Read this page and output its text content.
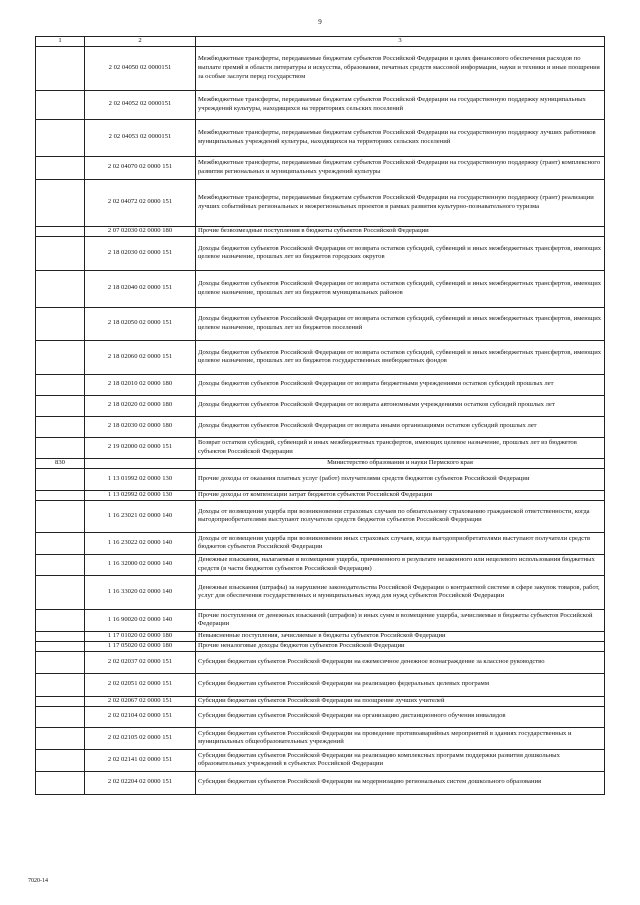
9
1	2	3
	2 02 04050 02 0000151	Межбюджетные трансферты, передаваемые бюджетам субъектов Российской Федерации в целях финансового обеспечения расходов по выплате премий в области литературы и искусства, образования, печатных средств массовой информации, науки и техники и иные поощрения за особые заслуги перед государством
	2 02 04052 02 0000151	Межбюджетные трансферты, передаваемые бюджетам субъектов Российской Федерации на государственную поддержку муниципальных учреждений культуры, находящихся на территориях сельских поселений
	2 02 04053 02 0000151	Межбюджетные трансферты, передаваемые бюджетам субъектов Российской Федерации на государственную поддержку лучших работников муниципальных учреждений культуры, находящихся на территориях сельских поселений
	2 02 04070 02 0000 151	Межбюджетные трансферты, передаваемые бюджетам субъектов Российской Федерации на государственную поддержку (грант) комплексного развития региональных и муниципальных учреждений культуры
	2 02 04072 02 0000 151	Межбюджетные трансферты, передаваемые бюджетам субъектов Российской Федерации на государственную поддержку (грант) реализации лучших событийных региональных и межрегиональных проектов в рамках развития культурно-познавательного туризма
	2 07 02030 02 0000 180	Прочие безвозмездные поступления в бюджеты субъектов Российской Федерации
	2 18 02030 02 0000 151	Доходы бюджетов субъектов Российской Федерации от возврата остатков субсидий, субвенций и иных межбюджетных трансфертов, имеющих целевое назначение, прошлых лет из бюджетов городских округов
	2 18 02040 02 0000 151	Доходы бюджетов субъектов Российской Федерации от возврата остатков субсидий, субвенций и иных межбюджетных трансфертов, имеющих целевое назначение, прошлых лет из бюджетов муниципальных районов
	2 18 02050 02 0000 151	Доходы бюджетов субъектов Российской Федерации от возврата остатков субсидий, субвенций и иных межбюджетных трансфертов, имеющих целевое назначение, прошлых лет из бюджетов поселений
	2 18 02060 02 0000 151	Доходы бюджетов субъектов Российской Федерации от возврата остатков субсидий, субвенций и иных межбюджетных трансфертов, имеющих целевое назначение, прошлых лет из бюджетов государственных внебюджетных фондов
	2 18 02010 02 0000 180	Доходы бюджетов субъектов Российской Федерации от возврата бюджетными учреждениями остатков субсидий прошлых лет
	2 18 02020 02 0000 180	Доходы бюджетов субъектов Российской Федерации от возврата автономными учреждениями остатков субсидий прошлых лет
	2 18 02030 02 0000 180	Доходы бюджетов субъектов Российской Федерации от возврата иными организациями остатков субсидий прошлых лет
	2 19 02000 02 0000 151	Возврат остатков субсидий, субвенций и иных межбюджетных трансфертов, имеющих целевое назначение, прошлых лет из бюджетов субъектов Российской Федерации
830		Министерство образования и науки Пермского края
	1 13 01992 02 0000 130	Прочие доходы от оказания платных услуг (работ) получателями средств бюджетов субъектов Российской Федерации
	1 13 02992 02 0000 130	Прочие доходы от компенсации затрат бюджетов субъектов Российской Федерации
	1 16 23021 02 0000 140	Доходы от возмещения ущерба при возникновении страховых случаев по обязательному страхованию гражданской ответственности, когда выгодоприобретателями выступают получатели средств бюджетов субъектов Российской Федерации
	1 16 23022 02 0000 140	Доходы от возмещения ущерба при возникновении иных страховых случаев, когда выгодоприобретателями выступают получатели средств бюджетов субъектов Российской Федерации
	1 16 32000 02 0000 140	Денежные взыскания, налагаемые в возмещение ущерба, причиненного в результате незаконного или нецелевого использования бюджетных средств (в части бюджетов субъектов Российской Федерации)
	1 16 33020 02 0000 140	Денежные взыскания (штрафы) за нарушение законодательства Российской Федерации о контрактной системе в сфере закупок товаров, работ, услуг для обеспечения государственных и муниципальных нужд для нужд субъектов Российской Федерации
	1 16 90020 02 0000 140	Прочие поступления от денежных взысканий (штрафов) и иных сумм в возмещение ущерба, зачисляемые в бюджеты субъектов Российской Федерации
	1 17 01020 02 0000 180	Невыясненные поступления, зачисляемые в бюджеты субъектов Российской Федерации
	1 17 05020 02 0000 180	Прочие неналоговые доходы бюджетов субъектов Российской Федерации
	2 02 02037 02 0000 151	Субсидии бюджетам субъектов Российской Федерации на ежемесячное денежное вознаграждение за классное руководство
	2 02 02051 02 0000 151	Субсидии бюджетам субъектов Российской Федерации на реализацию федеральных целевых программ
	2 02 02067 02 0000 151	Субсидии бюджетам субъектов Российской Федерации на поощрение лучших учителей
	2 02 02104 02 0000 151	Субсидии бюджетам субъектов Российской Федерации на организацию дистанционного обучения инвалидов
	2 02 02105 02 0000 151	Субсидии бюджетам субъектов Российской Федерации на проведение противоаварийных мероприятий в зданиях государственных и муниципальных общеобразовательных учреждений
	2 02 02141 02 0000 151	Субсидии бюджетам субъектов Российской Федерации на реализацию комплексных программ поддержки развития дошкольных образовательных учреждений в субъектах Российской Федерации
	2 02 02204 02 0000 151	Субсидии бюджетам субъектов Российской Федерации на модернизацию региональных систем дошкольного образования
7020-14
